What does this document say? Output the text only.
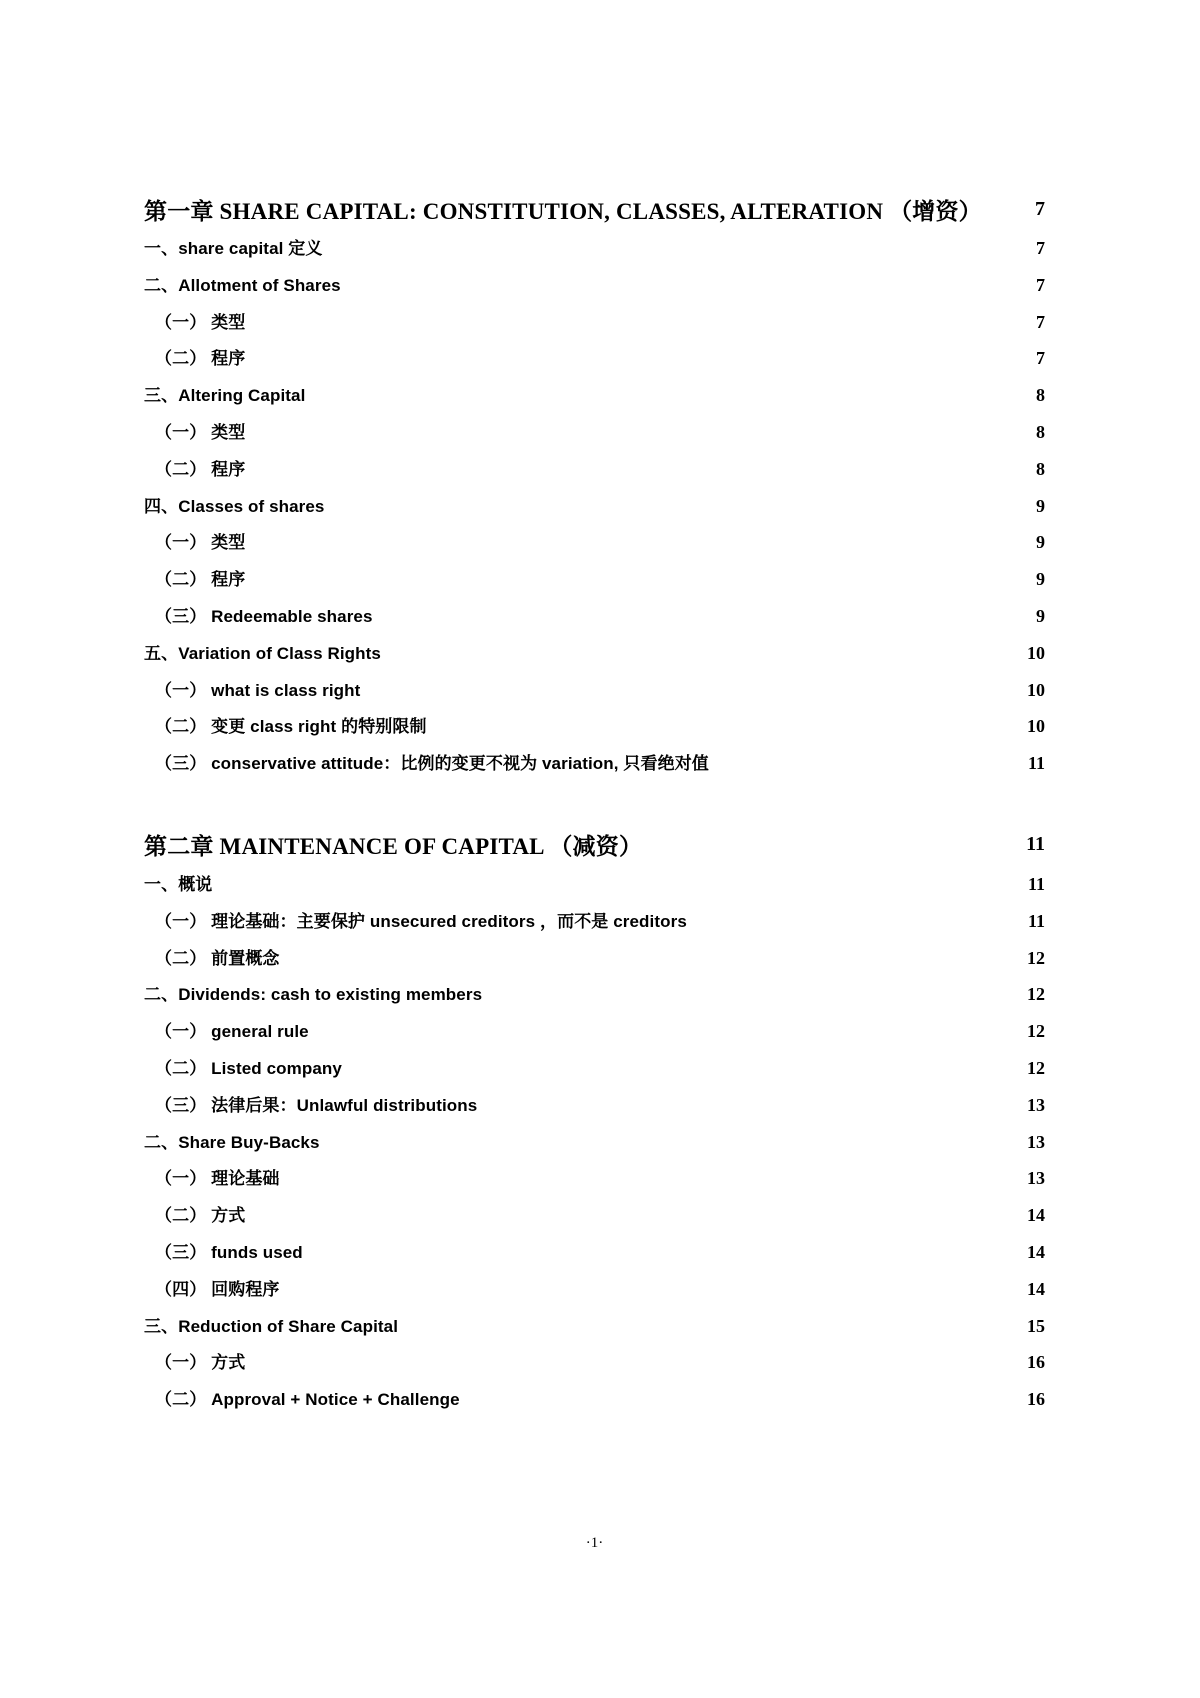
第一章 SHARE CAPITAL: CONSTITUTION, CLASSES, ALTERATION （增资）	7
一、share capital 定义	7
二、Allotment of Shares	7
（一） 类型	7
（二） 程序	7
三、Altering Capital	8
（一） 类型	8
（二） 程序	8
四、Classes of shares	9
（一） 类型	9
（二） 程序	9
（三） Redeemable shares	9
五、Variation of Class Rights	10
（一） what is class right	10
（二） 变更 class right 的特别限制	10
（三） conservative attitude：比例的变更不视为 variation, 只看绝对值	11
第二章 MAINTENANCE OF CAPITAL （减资）	11
一、概说	11
（一） 理论基础：主要保护 unsecured creditors ，而不是 creditors	11
（二） 前置概念	12
二、Dividends: cash to existing members	12
（一） general rule	12
（二） Listed company	12
（三） 法律后果：Unlawful distributions	13
二、Share Buy-Backs	13
（一） 理论基础	13
（二） 方式	14
（三） funds used	14
（四） 回购程序	14
三、Reduction of Share Capital	15
（一） 方式	16
（二） Approval + Notice + Challenge	16
·1·
